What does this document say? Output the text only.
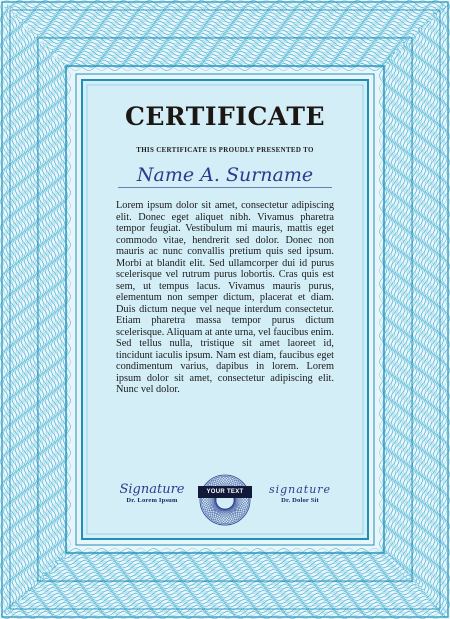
CERTIFICATE
THIS CERTIFICATE IS PROUDLY PRESENTED TO
Name A. Surname

Lorem ipsum dolor sit amet, consectetur adipiscing elit. Donec eget aliquet nibh. Vivamus pharetra tempor feugiat. Vestibulum mi mauris, mattis eget commodo vitae, hendrerit sed dolor. Donec non mauris ac nunc convallis pretium quis sed ipsum. Morbi at blandit elit. Sed ullamcorper dui id purus scelerisque vel rutrum purus lobortis. Cras quis est sem, ut tempus lacus. Vivamus mauris purus, elementum non semper dictum, placerat et diam. Duis dictum neque vel neque interdum consectetur. Etiam pharetra massa tempor purus dictum scelerisque. Aliquam at ante urna, vel faucibus enim. Sed tellus nulla, tristique sit amet laoreet id, tincidunt iaculis ipsum. Nam est diam, faucibus eget condimentum varius, dapibus in lorem. Lorem ipsum dolor sit amet, consectetur adipiscing elit. Nunc vel dolor.

Signature
Dr. Lorem Ipsum
YOUR TEXT	signature
Dr. Dolor Sit
